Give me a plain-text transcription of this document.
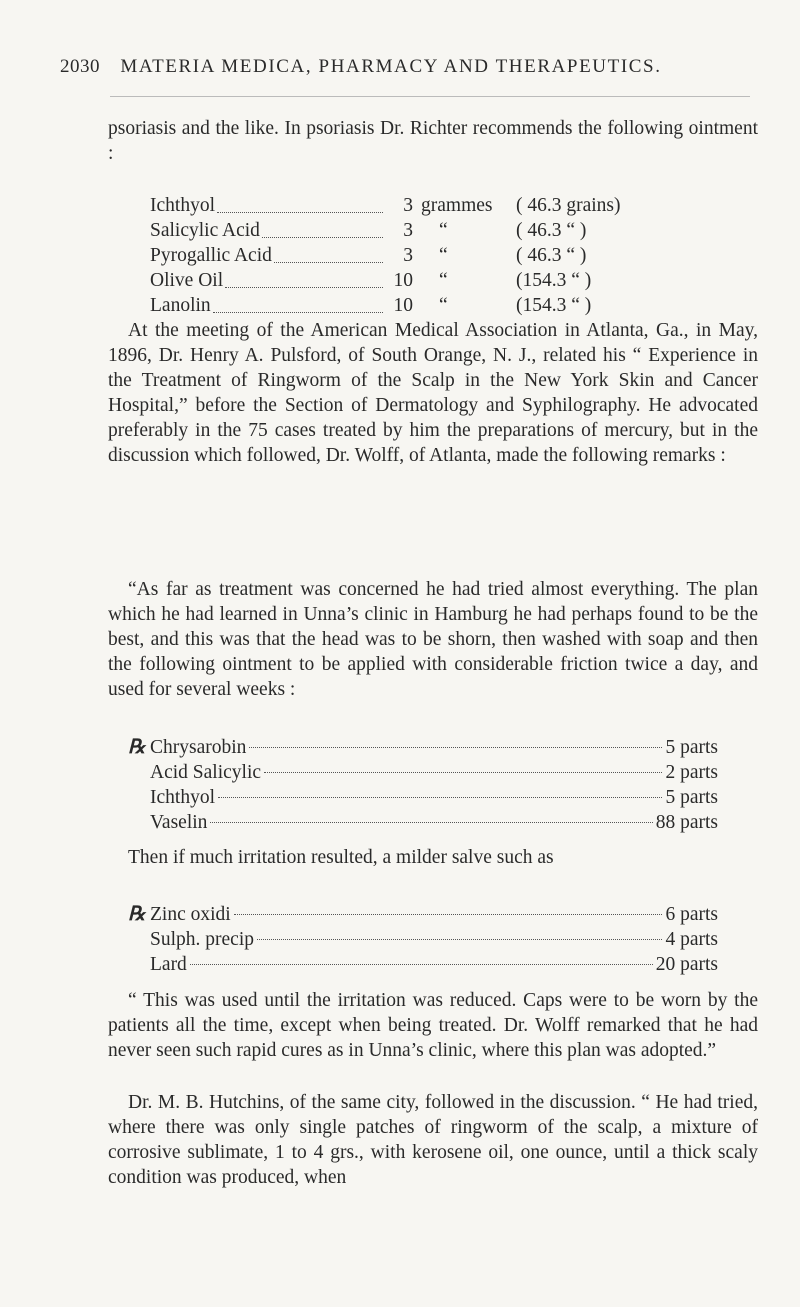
2030 MATERIA MEDICA, PHARMACY AND THERAPEUTICS.
psoriasis and the like. In psoriasis Dr. Richter recommends the following ointment :
Ichthyol	3 grammes	( 46.3 grains)
Salicylic Acid	3	“	( 46.3 “ )
Pyrogallic Acid	3	“	( 46.3 “ )
Olive Oil	10	“	(154.3 “ )
Lanolin	10	“	(154.3 “ )
At the meeting of the American Medical Association in Atlanta, Ga., in May, 1896, Dr. Henry A. Pulsford, of South Orange, N. J., related his “ Experience in the Treatment of Ringworm of the Scalp in the New York Skin and Cancer Hospital,” before the Section of Dermatology and Syphilography. He advocated preferably in the 75 cases treated by him the preparations of mercury, but in the discussion which followed, Dr. Wolff, of Atlanta, made the following remarks :
“As far as treatment was concerned he had tried almost everything. The plan which he had learned in Unna’s clinic in Hamburg he had perhaps found to be the best, and this was that the head was to be shorn, then washed with soap and then the following ointment to be applied with considerable friction twice a day, and used for several weeks :
℞ Chrysarobin	5 parts
Acid Salicylic	2 parts
Ichthyol	5 parts
Vaselin	88 parts
Then if much irritation resulted, a milder salve such as
℞ Zinc oxidi	6 parts
Sulph. precip	4 parts
Lard	20 parts
“ This was used until the irritation was reduced. Caps were to be worn by the patients all the time, except when being treated. Dr. Wolff remarked that he had never seen such rapid cures as in Unna’s clinic, where this plan was adopted.”
Dr. M. B. Hutchins, of the same city, followed in the discussion. “ He had tried, where there was only single patches of ringworm of the scalp, a mixture of corrosive sublimate, 1 to 4 grs., with kerosene oil, one ounce, until a thick scaly condition was produced, when
